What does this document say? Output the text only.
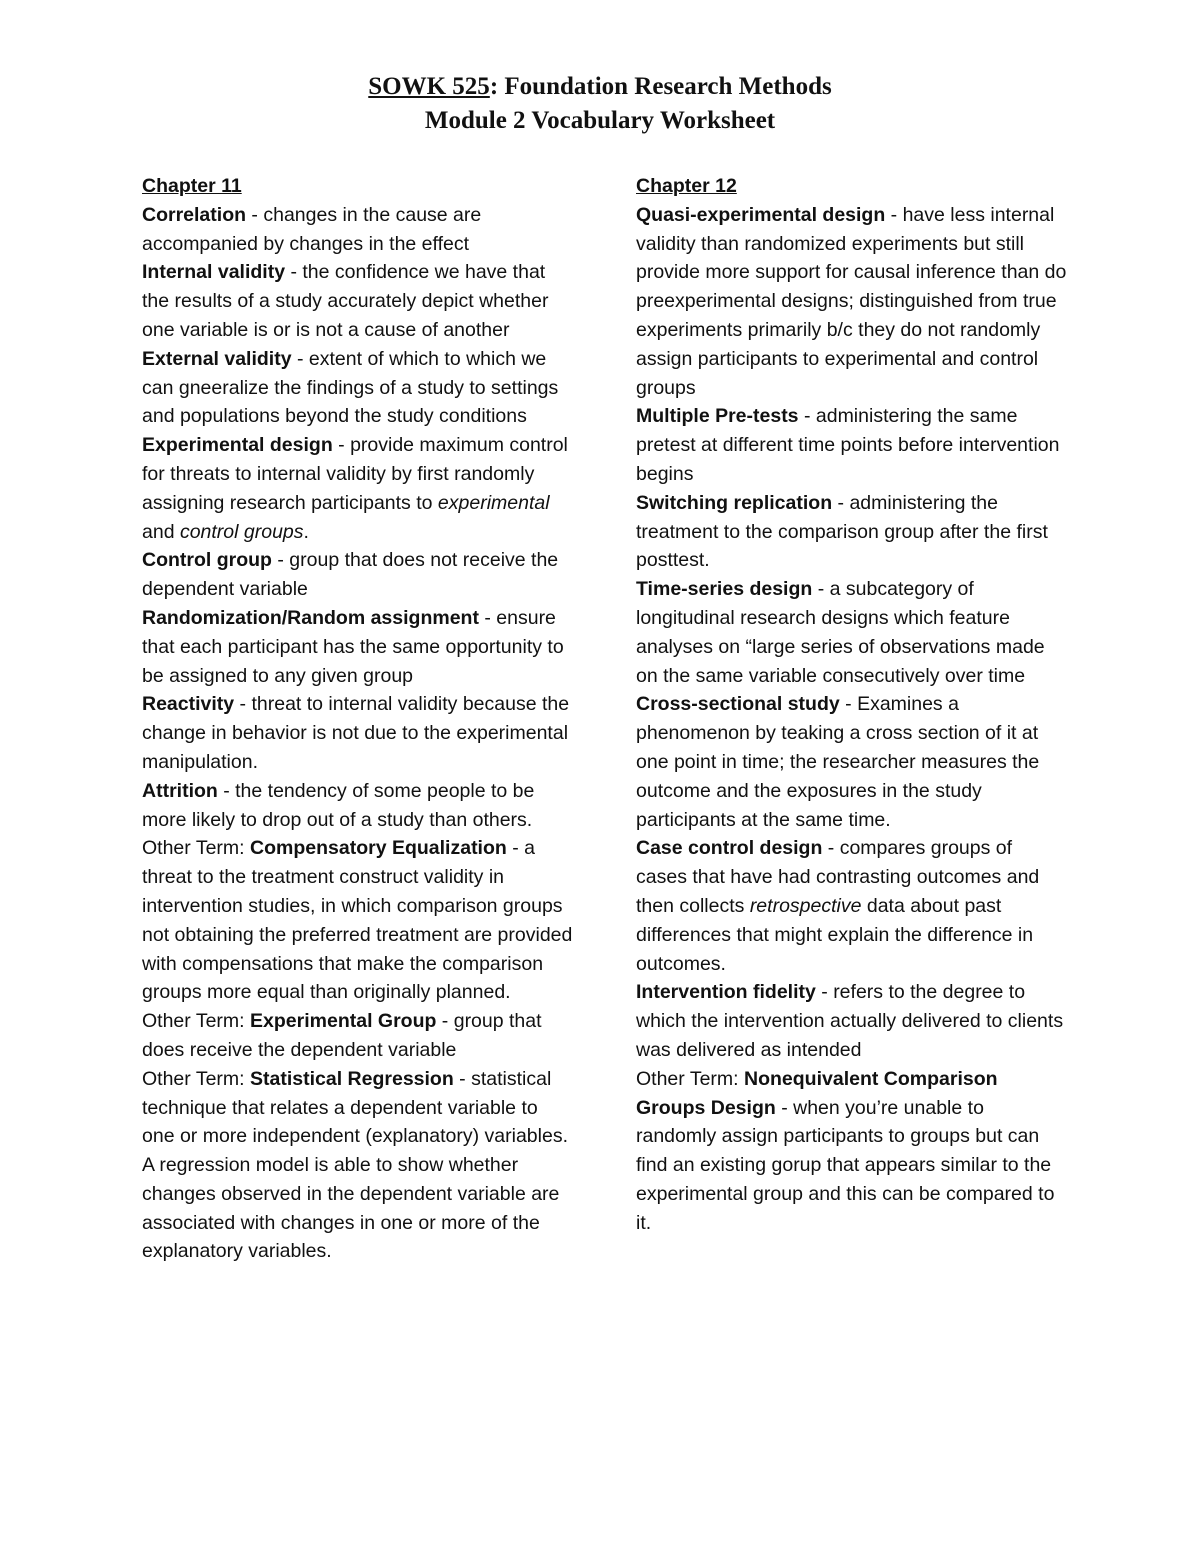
SOWK 525: Foundation Research Methods
Module 2 Vocabulary Worksheet
Chapter 11

Correlation - changes in the cause are accompanied by changes in the effect

Internal validity - the confidence we have that the results of a study accurately depict whether one variable is or is not a cause of another

External validity - extent of which to which we can gneeralize the findings of a study to settings and populations beyond the study conditions

Experimental design - provide maximum control for threats to internal validity by first randomly assigning research participants to experimental and control groups.

Control group - group that does not receive the dependent variable

Randomization/Random assignment - ensure that each participant has the same opportunity to be assigned to any given group

Reactivity - threat to internal validity because the change in behavior is not due to the experimental manipulation.

Attrition - the tendency of some people to be more likely to drop out of a study than others.

Other Term: Compensatory Equalization - a threat to the treatment construct validity in intervention studies, in which comparison groups not obtaining the preferred treatment are provided with compensations that make the comparison groups more equal than originally planned.

Other Term: Experimental Group - group that does receive the dependent variable

Other Term: Statistical Regression - statistical technique that relates a dependent variable to one or more independent (explanatory) variables. A regression model is able to show whether changes observed in the dependent variable are associated with changes in one or more of the explanatory variables.

Chapter 12

Quasi-experimental design - have less internal validity than randomized experiments but still provide more support for causal inference than do preexperimental designs; distinguished from true experiments primarily b/c they do not randomly assign participants to experimental and control groups

Multiple Pre-tests - administering the same pretest at different time points before intervention begins

Switching replication - administering the treatment to the comparison group after the first posttest.

Time-series design - a subcategory of longitudinal research designs which feature analyses on “large series of observations made on the same variable consecutively over time

Cross-sectional study - Examines a phenomenon by teaking a cross section of it at one point in time; the researcher measures the outcome and the exposures in the study participants at the same time.

Case control design - compares groups of cases that have had contrasting outcomes and then collects retrospective data about past differences that might explain the difference in outcomes.

Intervention fidelity - refers to the degree to which the intervention actually delivered to clients was delivered as intended

Other Term: Nonequivalent Comparison Groups Design - when you’re unable to randomly assign participants to groups but can find an existing gorup that appears similar to the experimental group and this can be compared to it.
